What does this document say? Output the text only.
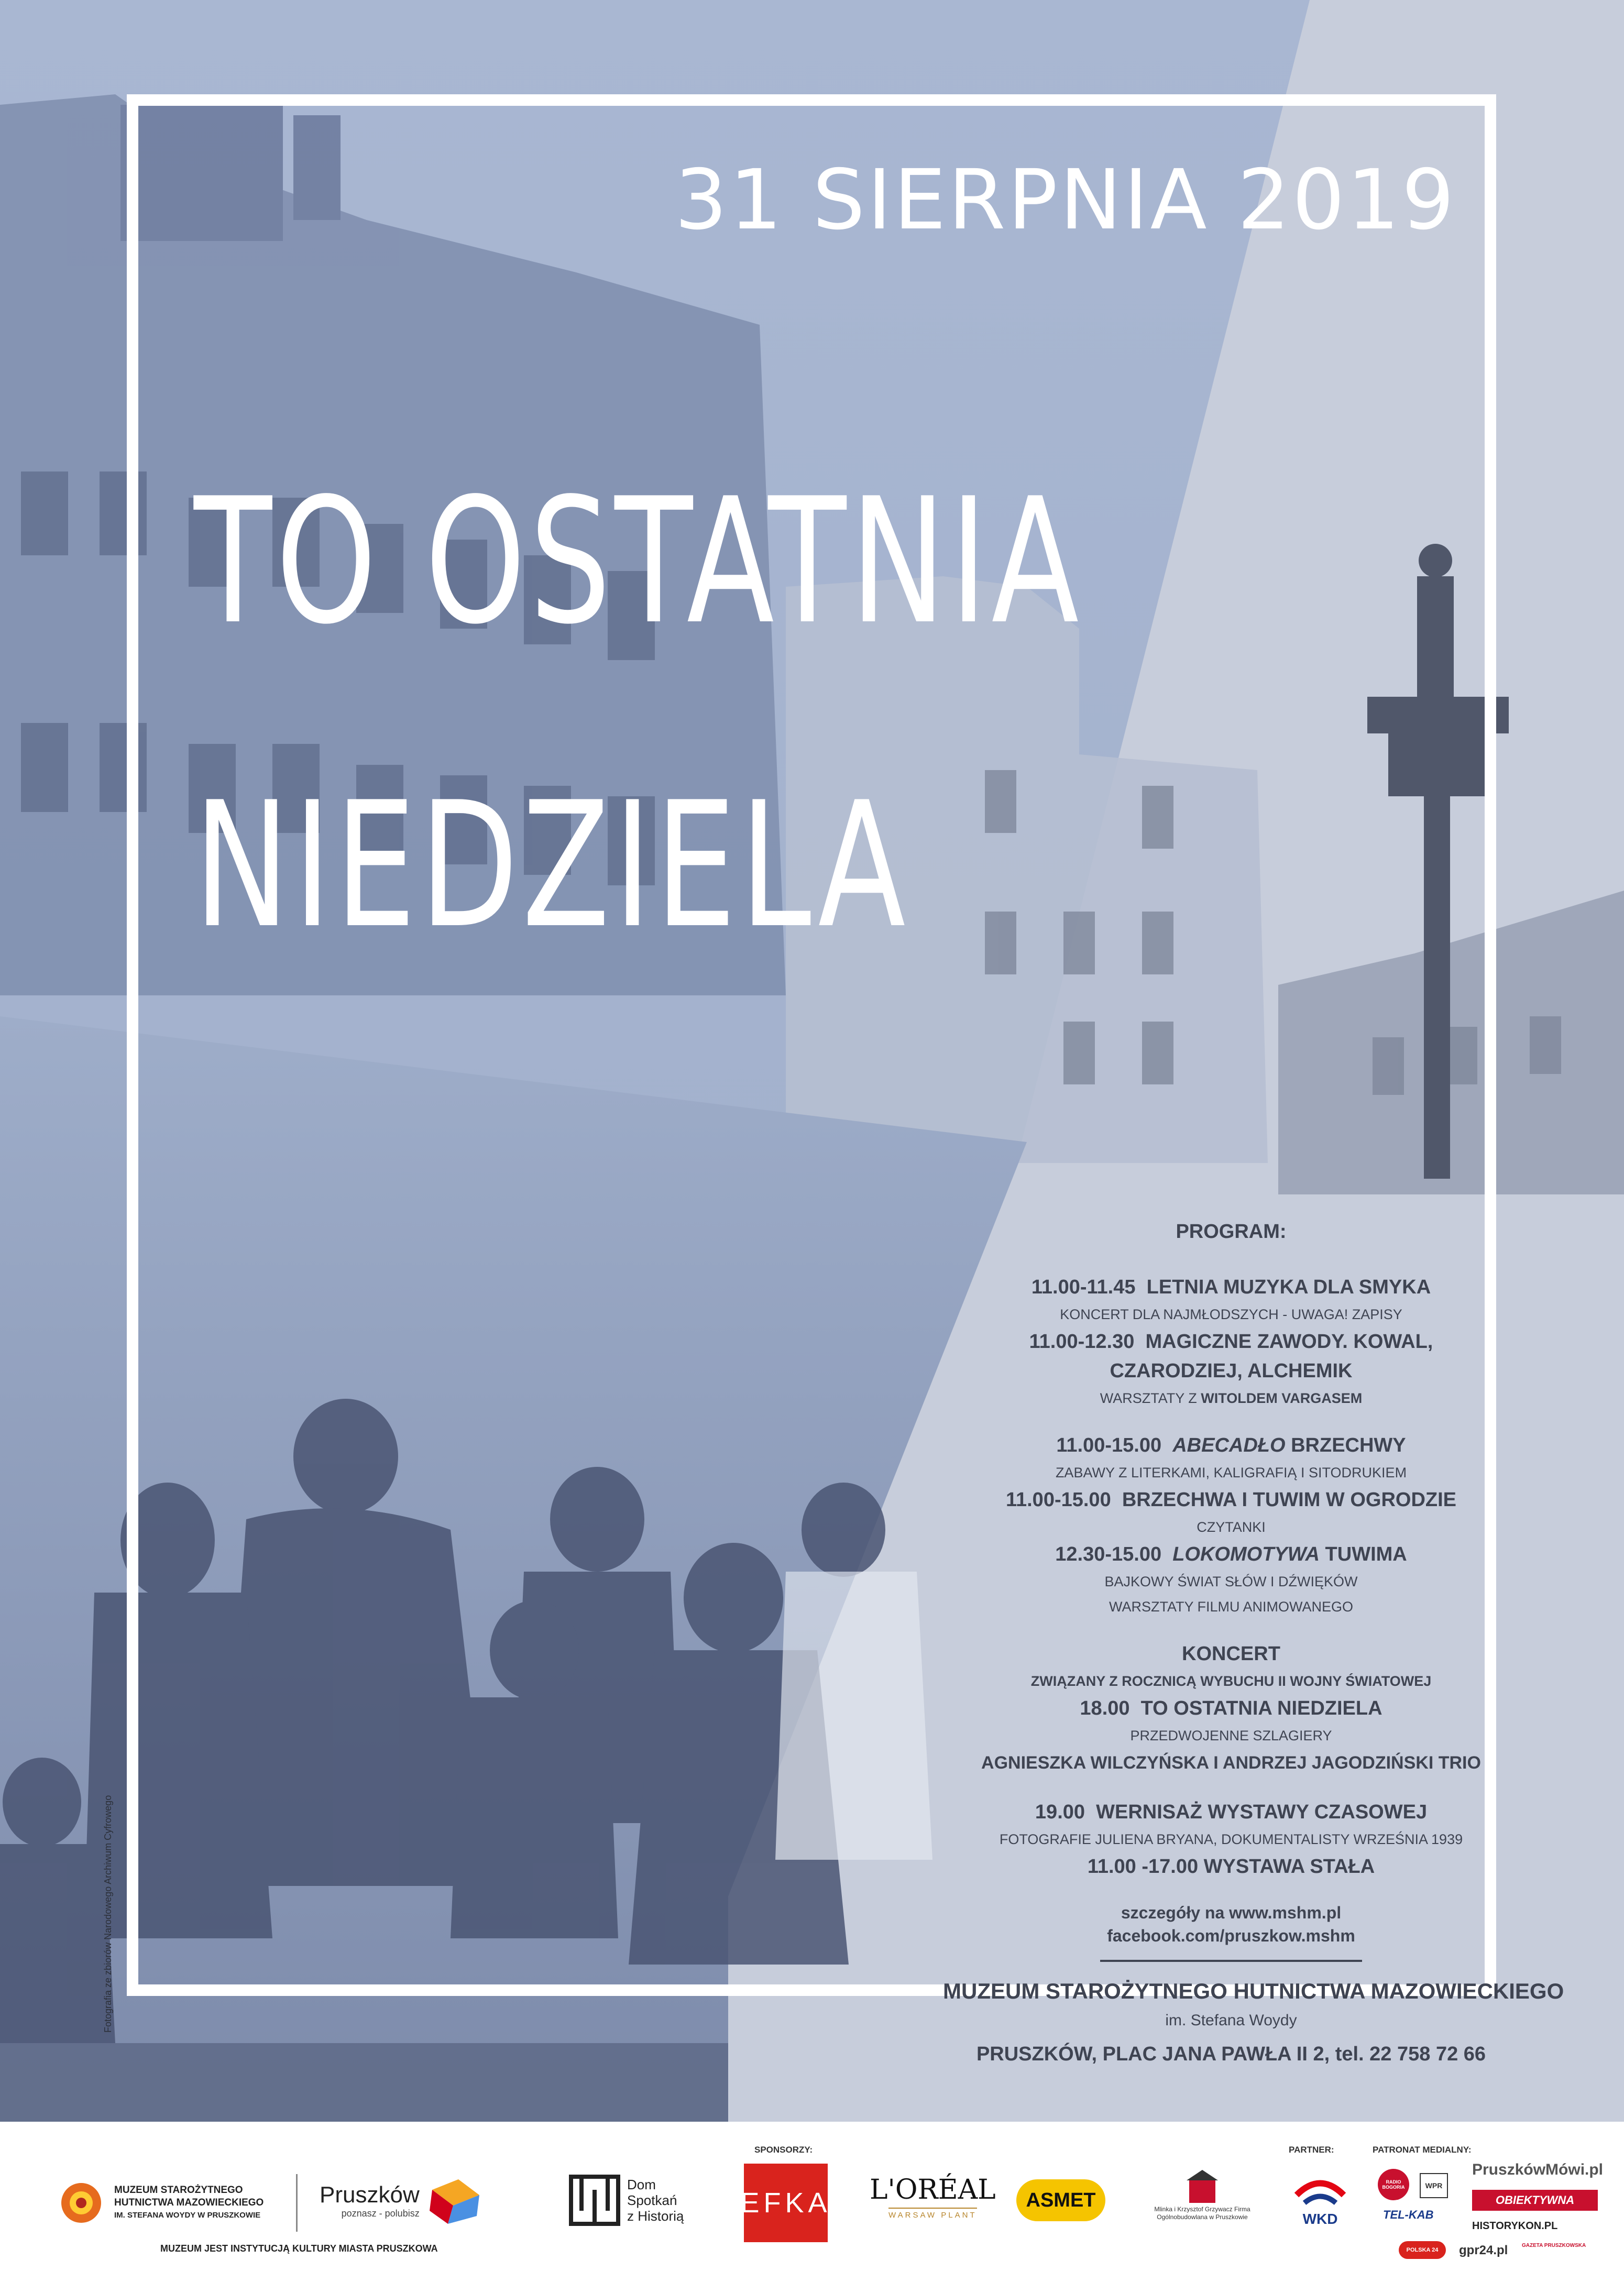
31 SIERPNIA 2019
TO OSTATNIA
NIEDZIELA
Fotografia ze zbiorów Narodowego Archiwum Cyfrowego
PROGRAM:
11.00-11.45 LETNIA MUZYKA DLA SMYKA
KONCERT DLA NAJMŁODSZYCH - UWAGA! ZAPISY
11.00-12.30 MAGICZNE ZAWODY. KOWAL,
CZARODZIEJ, ALCHEMIK
WARSZTATY Z WITOLDEM VARGASEM
11.00-15.00 ABECADŁO BRZECHWY
ZABAWY Z LITERKAMI, KALIGRAFIĄ I SITODRUKIEM
11.00-15.00 BRZECHWA I TUWIM W OGRODZIE
CZYTANKI
12.30-15.00 LOKOMOTYWA TUWIMA
BAJKOWY ŚWIAT SŁÓW I DŹWIĘKÓW
WARSZTATY FILMU ANIMOWANEGO
KONCERT
ZWIĄZANY Z ROCZNICĄ WYBUCHU II WOJNY ŚWIATOWEJ
18.00 TO OSTATNIA NIEDZIELA
PRZEDWOJENNE SZLAGIERY
AGNIESZKA WILCZYŃSKA I ANDRZEJ JAGODZIŃSKI TRIO
19.00 WERNISAŻ WYSTAWY CZASOWEJ
FOTOGRAFIE JULIENA BRYANA, DOKUMENTALISTY WRZEŚNIA 1939
11.00 -17.00 WYSTAWA STAŁA
szczegóły na www.mshm.pl
facebook.com/pruszkow.mshm
MUZEUM STAROŻYTNEGO HUTNICTWA MAZOWIECKIEGO
im. Stefana Woydy
PRUSZKÓW, PLAC JANA PAWŁA II 2, tel. 22 758 72 66
SPONSORZY:	PARTNER:	PATRONAT MEDIALNY:
MUZEUM STAROŻYTNEGO
HUTNICTWA MAZOWIECKIEGO
IM. STEFANA WOYDY W PRUSZKOWIE
Pruszków
poznasz - polubisz
Dom
Spotkań
z Historią EFKA L'ORÉAL
WARSAW PLANT
ASMET	Mlinka i Krzysztof Grzywacz Firma Ogólnobudowlana w Pruszkowie	WKD
RADIO BOGORIA	WPR
PruszkówMówi.pl
TEL-KAB
OBIEKTYWNA
HISTORYKON.PL
POLSKA 24 gpr24.pl	GAZETA PRUSZKOWSKA
MUZEUM JEST INSTYTUCJĄ KULTURY MIASTA PRUSZKOWA
